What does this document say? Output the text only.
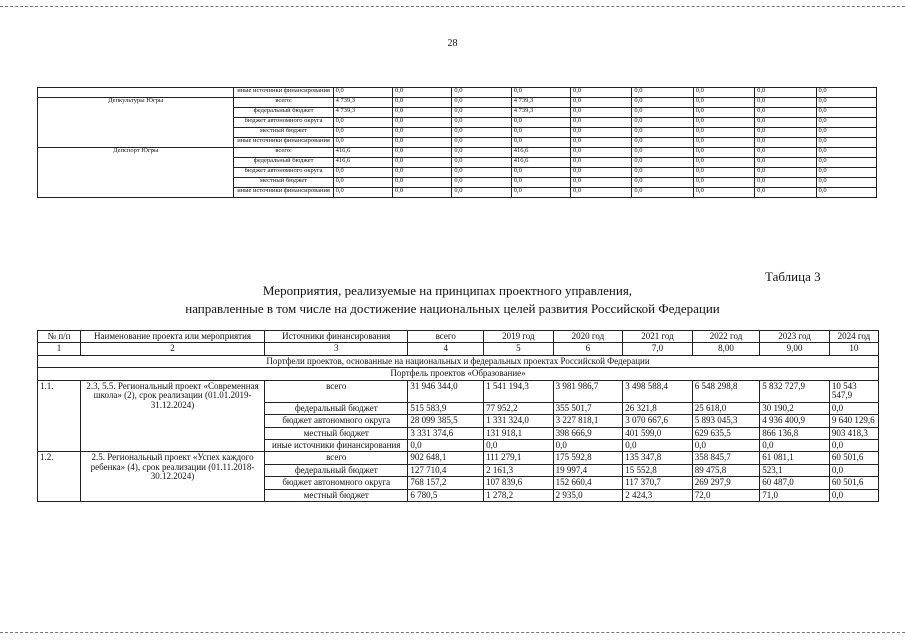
28
	иные источники финансирования	0,0	0,0	0,0	0,0	0,0	0,0	0,0	0,0	0,0
Депкультуры Югры	всего:	4 739,3	0,0	0,0	4 739,3	0,0	0,0	0,0	0,0	0,0
	федеральный бюджет	4 739,3	0,0	0,0	4 739,3	0,0	0,0	0,0	0,0	0,0
	бюджет автономного округа	0,0	0,0	0,0	0,0	0,0	0,0	0,0	0,0	0,0
	местный бюджет	0,0	0,0	0,0	0,0	0,0	0,0	0,0	0,0	0,0
	иные источники финансирования	0,0	0,0	0,0	0,0	0,0	0,0	0,0	0,0	0,0
Депспорт Югры	всего:	416,6	0,0	0,0	416,6	0,0	0,0	0,0	0,0	0,0
	федеральный бюджет	416,6	0,0	0,0	416,6	0,0	0,0	0,0	0,0	0,0
	бюджет автономного округа	0,0	0,0	0,0	0,0	0,0	0,0	0,0	0,0	0,0
	местный бюджет	0,0	0,0	0,0	0,0	0,0	0,0	0,0	0,0	0,0
	иные источники финансирования	0,0	0,0	0,0	0,0	0,0	0,0	0,0	0,0	0,0
Таблица 3
Мероприятия, реализуемые на принципах проектного управления,
направленные в том числе на достижение национальных целей развития Российской Федерации
№ п/п	Наименование проекта или мероприятия	Источники финансирования	всего	2019 год	2020 год	2021 год	2022 год	2023 год	2024 год
1	2	3	4	5	6	7,0	8,00	9,00	10
Портфели проектов, основанные на национальных и федеральных проектах Российской Федерации									
Портфель проектов «Образование»									
1.1.	2.3, 5.5. Региональный проект «Современная школа» (2), срок реализации (01.01.2019-31.12.2024)	всего	31 946 344,0	1 541 194,3	3 981 986,7	3 498 588,4	6 548 298,8	5 832 727,9	10 543 547,9
		федеральный бюджет	515 583,9	77 952,2	355 501,7	26 321,8	25 618,0	30 190,2	0,0
		бюджет автономного округа	28 099 385,5	1 331 324,0	3 227 818,1	3 070 667,6	5 893 045,3	4 936 400,9	9 640 129,6
		местный бюджет	3 331 374,6	131 918,1	398 666,9	401 599,0	629 635,5	866 136,8	903 418,3
		иные источники финансирования	0,0	0,0	0,0	0,0	0,0	0,0	0,0
1.2.	2.5. Региональный проект «Успех каждого ребенка» (4), срок реализации (01.11.2018-30.12.2024)	всего	902 648,1	111 279,1	175 592,8	135 347,8	358 845,7	61 081,1	60 501,6
		федеральный бюджет	127 710,4	2 161,3	19 997,4	15 552,8	89 475,8	523,1	0,0
		бюджет автономного округа	768 157,2	107 839,6	152 660,4	117 370,7	269 297,9	60 487,0	60 501,6
		местный бюджет	6 780,5	1 278,2	2 935,0	2 424,3	72,0	71,0	0,0
